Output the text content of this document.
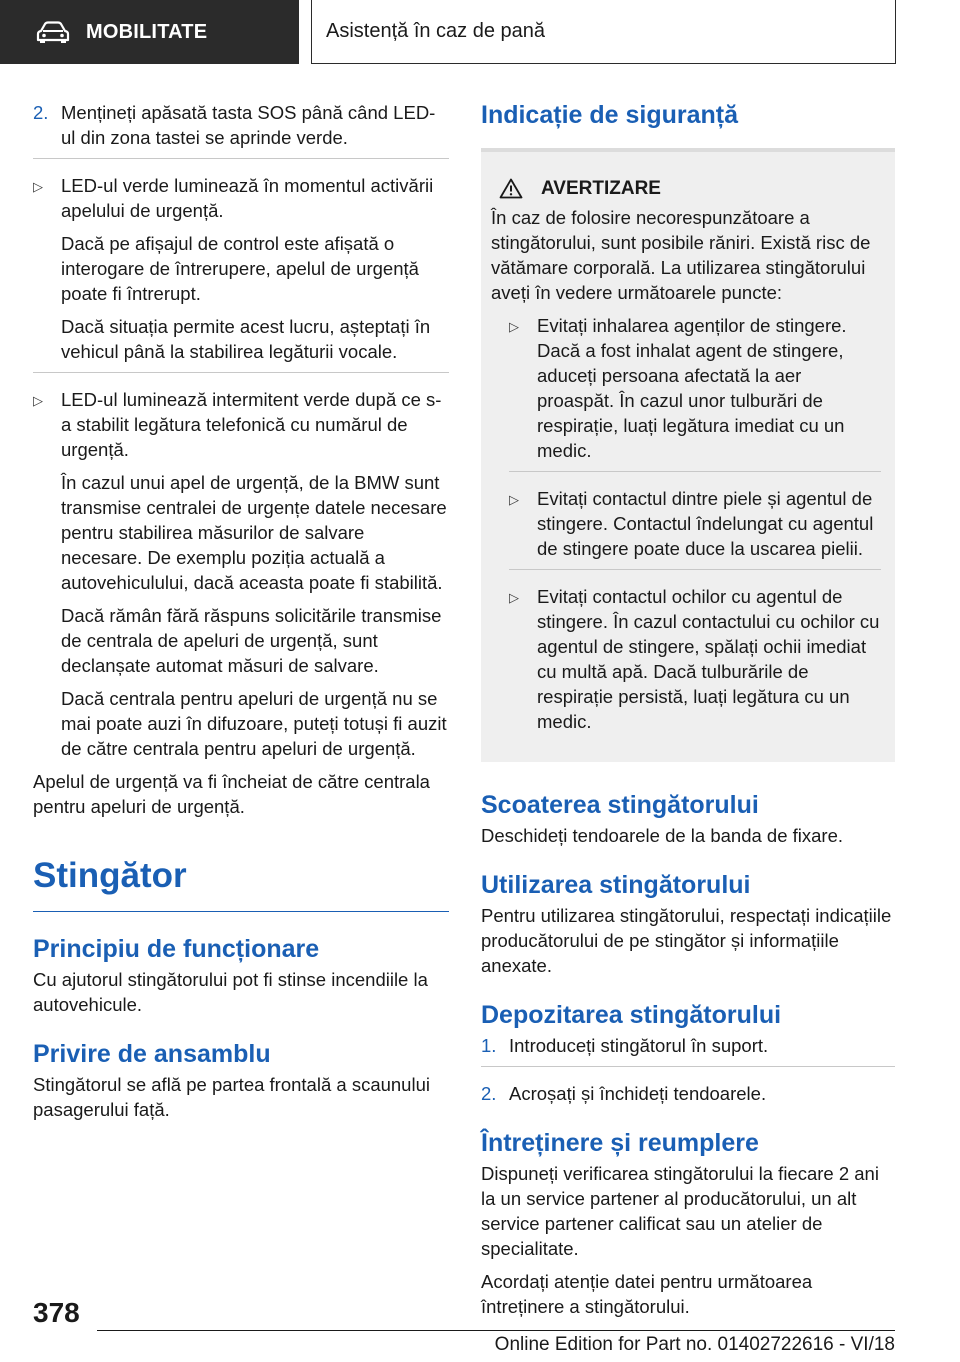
MOBILITATE	Asistență în caz de pană
2. Mențineți apăsată tasta SOS până când LED-ul din zona tastei se aprinde verde.
▷ LED-ul verde luminează în momentul activării apelului de urgență.

Dacă pe afișajul de control este afișată o interogare de întrerupere, apelul de urgență poate fi întrerupt.

Dacă situația permite acest lucru, așteptați în vehicul până la stabilirea legăturii vocale.

▷ LED-ul luminează intermitent verde după ce s-a stabilit legătura telefonică cu numărul de urgență.

În cazul unui apel de urgență, de la BMW sunt transmise centralei de urgențe datele necesare pentru stabilirea măsurilor de salvare necesare. De exemplu poziția actuală a autovehiculului, dacă aceasta poate fi stabilită.

Dacă rămân fără răspuns solicitările transmise de centrala de apeluri de urgență, sunt declanșate automat măsuri de salvare.

Dacă centrala pentru apeluri de urgență nu se mai poate auzi în difuzoare, puteți totuși fi auzit de către centrala pentru apeluri de urgență.

Apelul de urgență va fi încheiat de către centrala pentru apeluri de urgență.

Stingător
Principiu de funcționare

Cu ajutorul stingătorului pot fi stinse incendiile la autovehicule.

Privire de ansamblu

Stingătorul se află pe partea frontală a scaunului pasagerului față.

Indicație de siguranță
AVERTIZARE

În caz de folosire necorespunzătoare a stingătorului, sunt posibile răniri. Există risc de vătămare corporală. La utilizarea stingătorului aveți în vedere următoarele puncte:

▷ Evitați inhalarea agenților de stingere. Dacă a fost inhalat agent de stingere, aduceți persoana afectată la aer proaspăt. În cazul unor tulburări de respirație, luați legătura imediat cu un medic.

▷ Evitați contactul dintre piele și agentul de stingere. Contactul îndelungat cu agentul de stingere poate duce la uscarea pielii.

▷ Evitați contactul ochilor cu agentul de stingere. În cazul contactului cu ochilor cu agentul de stingere, spălați ochii imediat cu multă apă. Dacă tulburările de respirație persistă, luați legătura cu un medic.

Scoaterea stingătorului

Deschideți tendoarele de la banda de fixare.

Utilizarea stingătorului

Pentru utilizarea stingătorului, respectați indicațiile producătorului de pe stingător și informațiile anexate.

Depozitarea stingătorului
1. Introduceți stingătorul în suport.
2. Acroșați și închideți tendoarele.
Întreținere și reumplere

Dispuneți verificarea stingătorului la fiecare 2 ani la un service partener al producătorului, un alt service partener calificat sau un atelier de specialitate.

Acordați atenție datei pentru următoarea întreținere a stingătorului.

378
Online Edition for Part no. 01402722616 - VI/18
